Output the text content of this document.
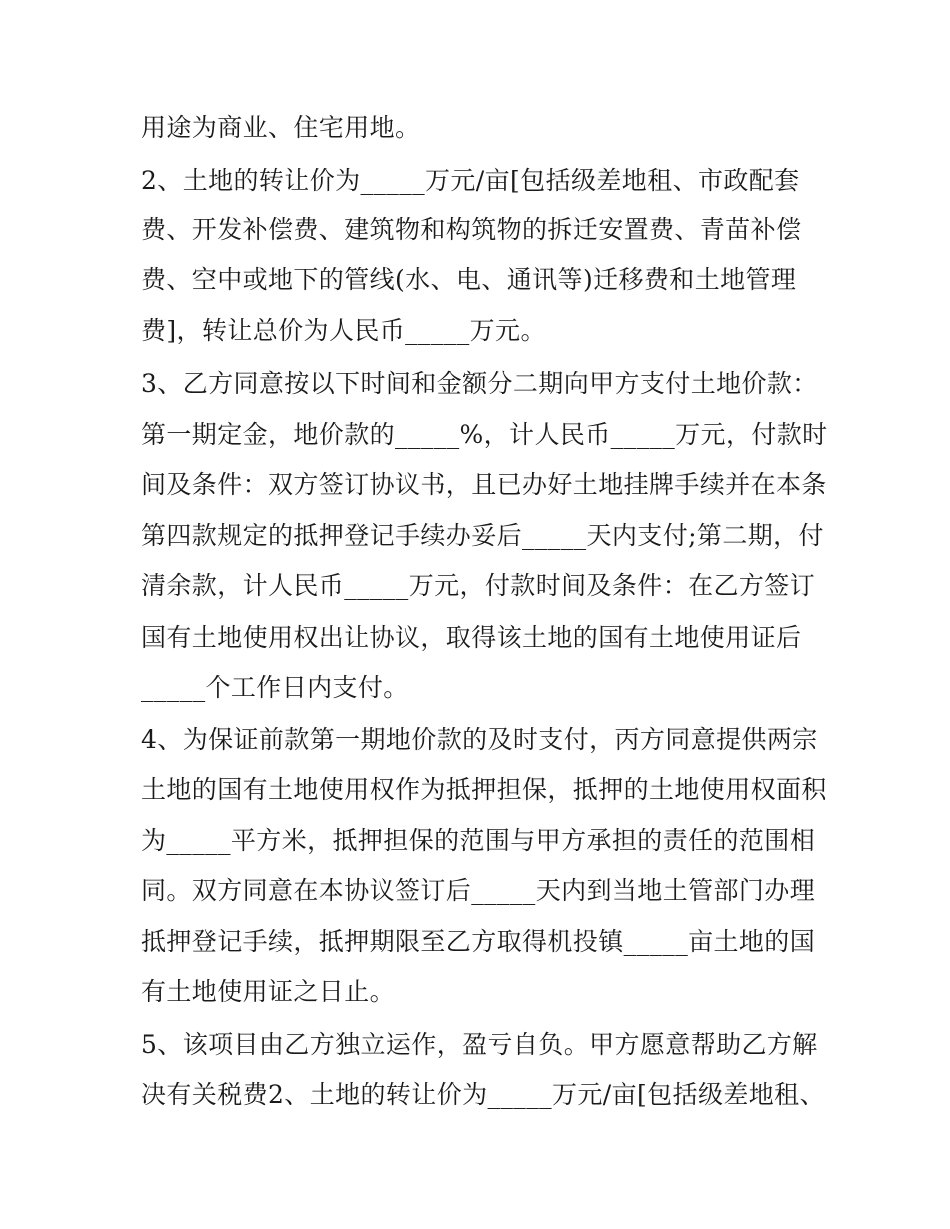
用途为商业、住宅用地。
2、土地的转让价为_____万元/亩[包括级差地租、市政配套
费、开发补偿费、建筑物和构筑物的拆迁安置费、青苗补偿
费、空中或地下的管线(水、电、通讯等)迁移费和土地管理
费]，转让总价为人民币_____万元。
3、乙方同意按以下时间和金额分二期向甲方支付土地价款：
第一期定金，地价款的_____%，计人民币_____万元，付款时
间及条件：双方签订协议书，且已办好土地挂牌手续并在本条
第四款规定的抵押登记手续办妥后_____天内支付;第二期，付
清余款，计人民币_____万元，付款时间及条件：在乙方签订
国有土地使用权出让协议，取得该土地的国有土地使用证后
_____个工作日内支付。
4、为保证前款第一期地价款的及时支付，丙方同意提供两宗
土地的国有土地使用权作为抵押担保，抵押的土地使用权面积
为_____平方米，抵押担保的范围与甲方承担的责任的范围相
同。双方同意在本协议签订后_____天内到当地土管部门办理
抵押登记手续，抵押期限至乙方取得机投镇_____亩土地的国
有土地使用证之日止。
5、该项目由乙方独立运作，盈亏自负。甲方愿意帮助乙方解
决有关税费2、土地的转让价为_____万元/亩[包括级差地租、
